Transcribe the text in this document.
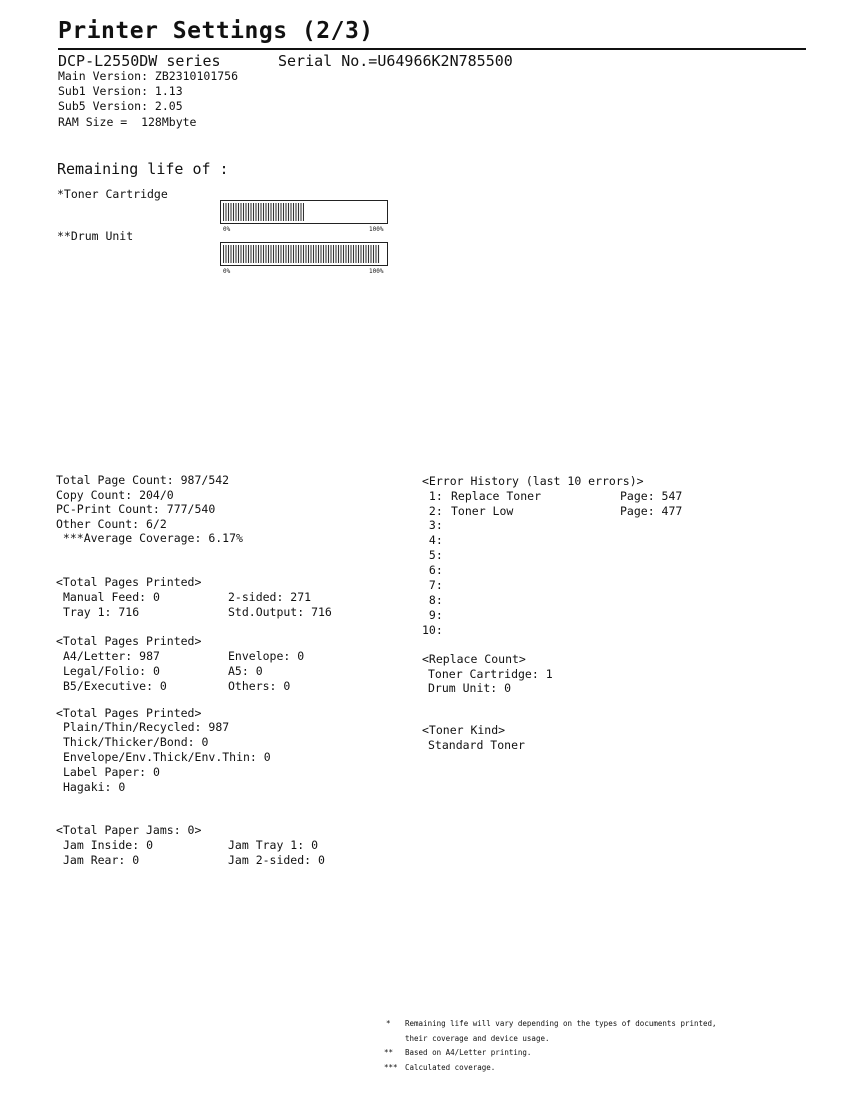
Printer Settings (2/3)
DCP-L2550DW series	Serial No.=U64966K2N785500
Main Version: ZB2310101756
Sub1 Version: 1.13
Sub5 Version: 2.05
RAM Size =  128Mbyte
Remaining life of :
*Toner Cartridge
**Drum Unit	0%	100%
0%	100%
Total Page Count: 987/542
Copy Count: 204/0
PC-Print Count: 777/540
Other Count: 6/2
***Average Coverage: 6.17%
<Total Pages Printed>
Manual Feed: 0	2-sided: 271
Tray 1: 716	Std.Output: 716
<Total Pages Printed>
A4/Letter: 987	Envelope: 0
Legal/Folio: 0	A5: 0
B5/Executive: 0	Others: 0
<Total Pages Printed>
Plain/Thin/Recycled: 987
Thick/Thicker/Bond: 0
Envelope/Env.Thick/Env.Thin: 0
Label Paper: 0
Hagaki: 0
<Total Paper Jams: 0>
Jam Inside: 0	Jam Tray 1: 0
Jam Rear: 0	Jam 2-sided: 0
<Error History (last 10 errors)>
1: Replace Toner	Page: 547
2: Toner Low	Page: 477
3:
4:
5:
6:
7:
8:
9:
10:
<Replace Count>
Toner Cartridge: 1
Drum Unit: 0
<Toner Kind>
Standard Toner
* Remaining life will vary depending on the types of documents printed,
their coverage and device usage.
** Based on A4/Letter printing.
*** Calculated coverage.
